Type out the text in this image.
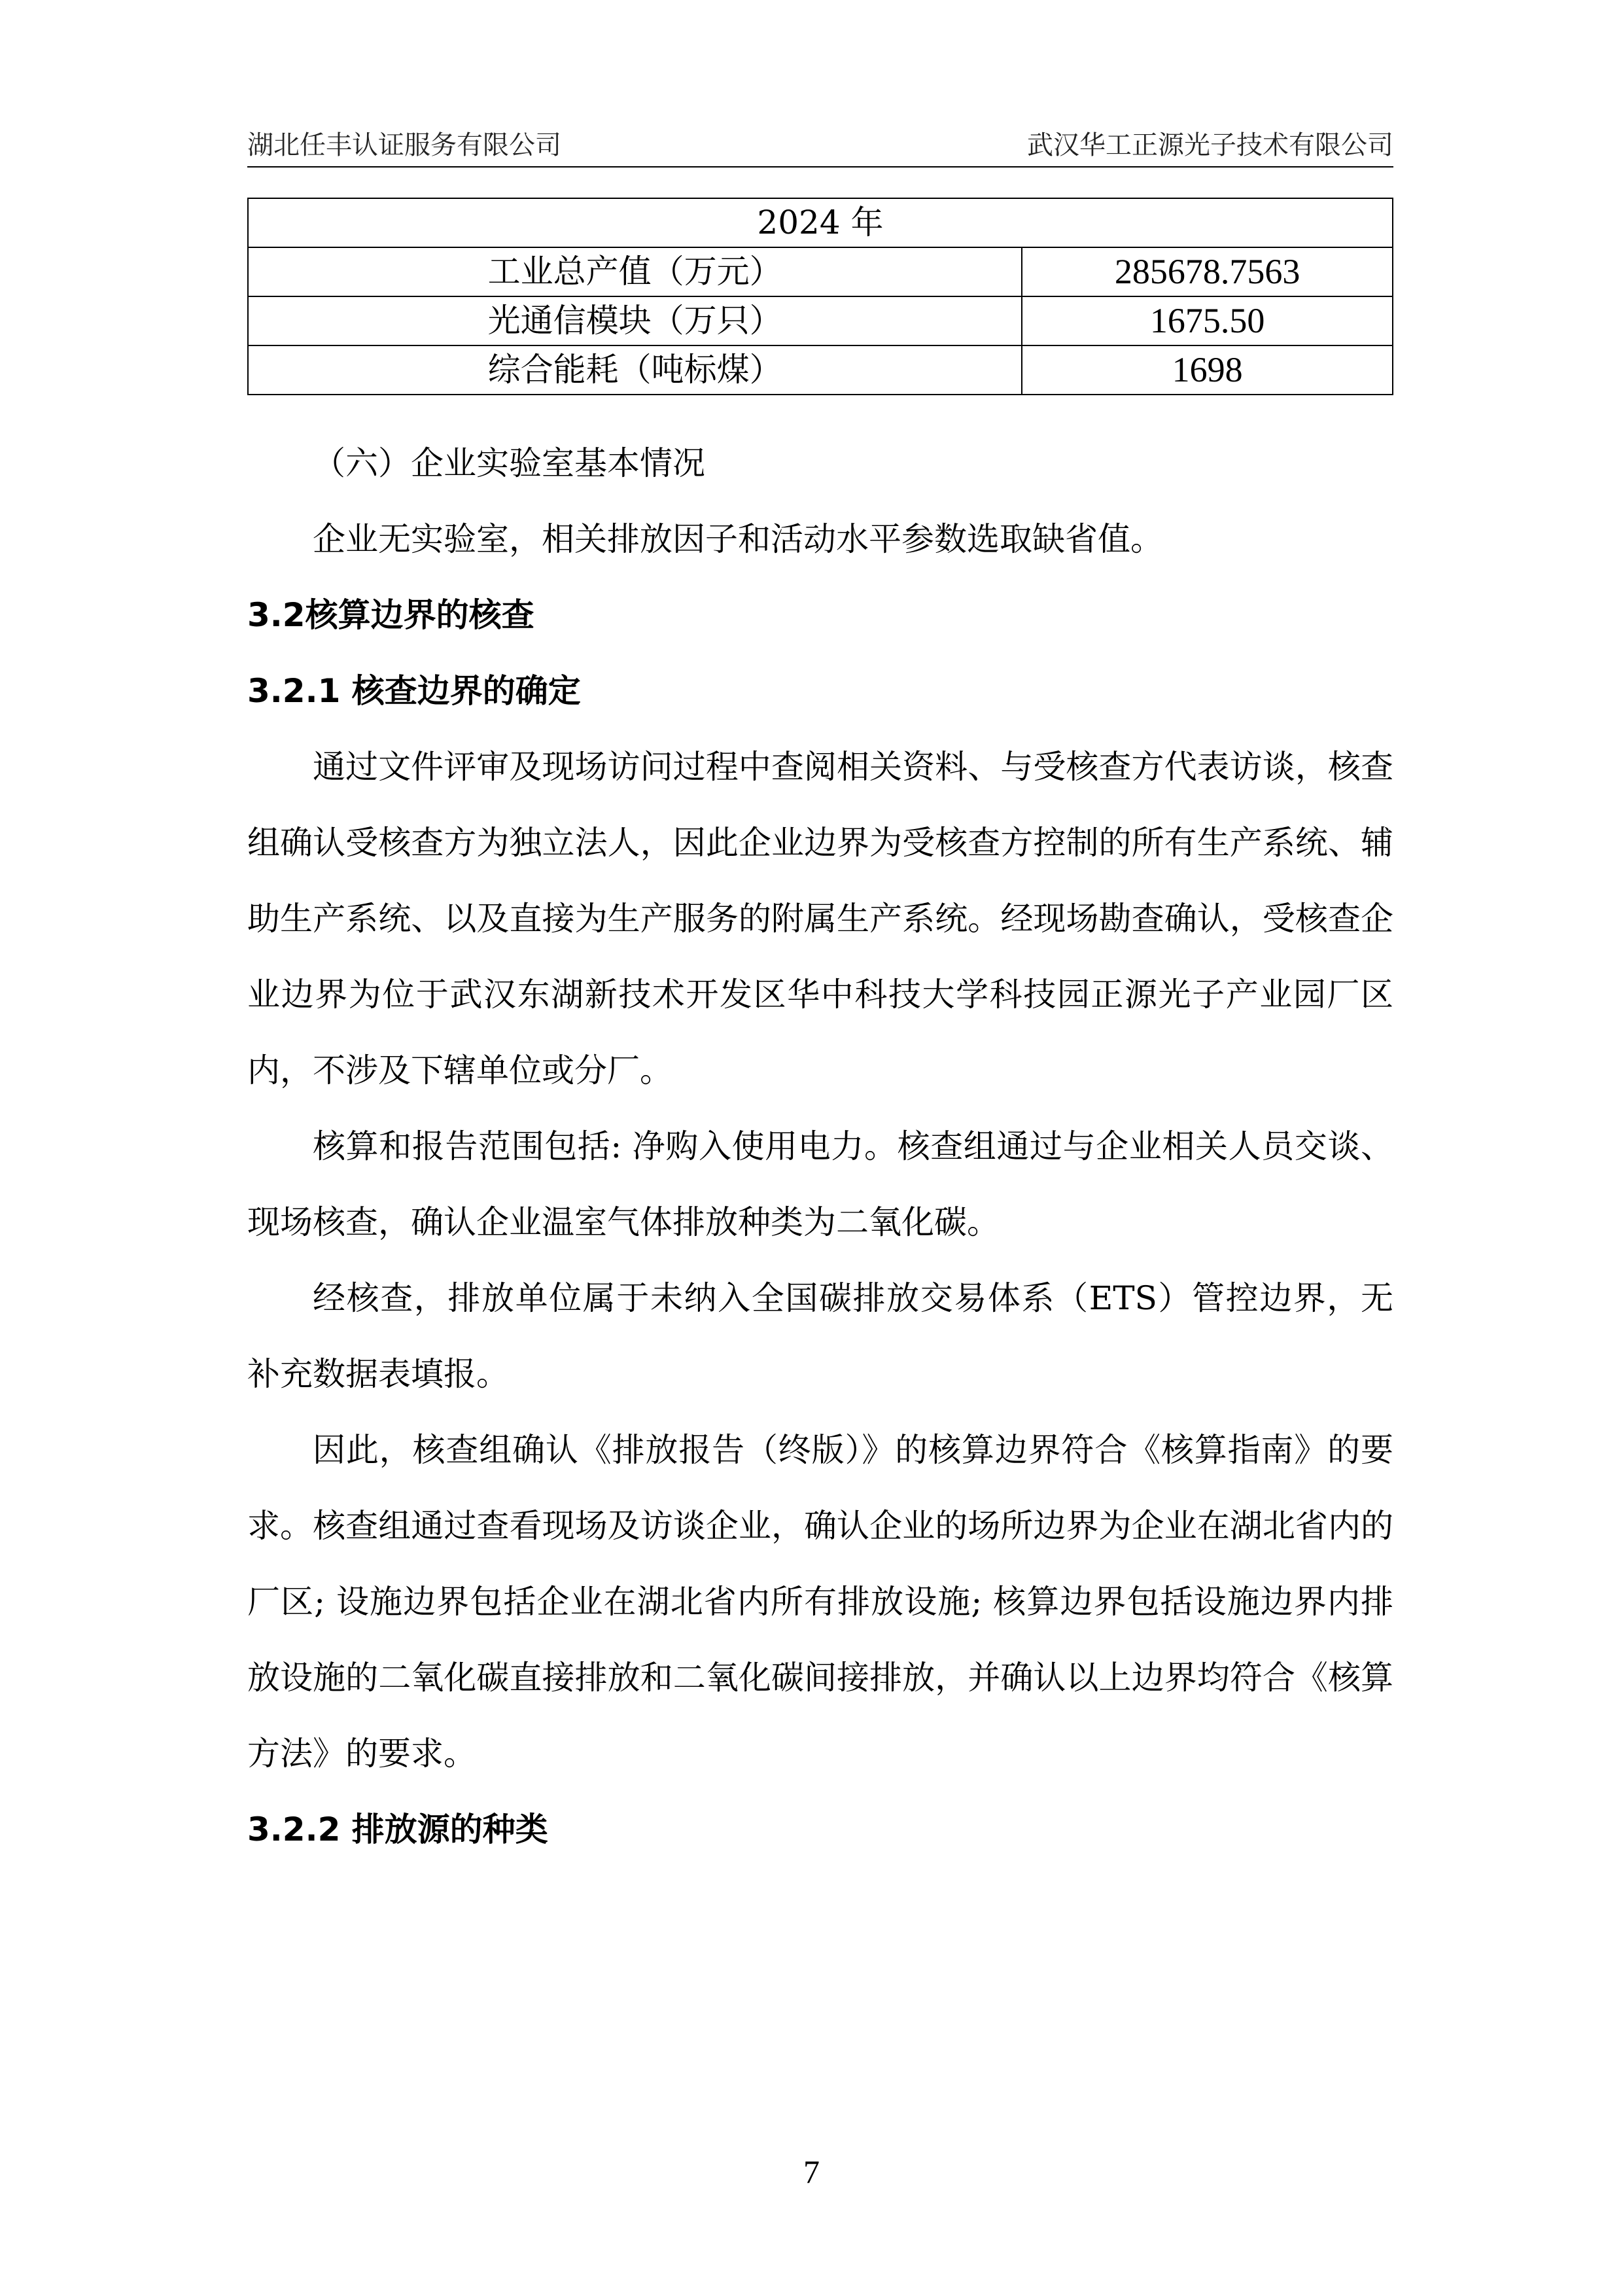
湖北任丰认证服务有限公司	武汉华工正源光子技术有限公司
2024 年	
工业总产值（万元）	285678.7563
光通信模块（万只）	1675.50
综合能耗（吨标煤）	1698

（六）企业实验室基本情况

企业无实验室，相关排放因子和活动水平参数选取缺省值。

3.2核算边界的核查

3.2.1 核查边界的确定

通过文件评审及现场访问过程中查阅相关资料、与受核查方代表访谈，核查组确认受核查方为独立法人，因此企业边界为受核查方控制的所有生产系统、辅助生产系统、以及直接为生产服务的附属生产系统。经现场勘查确认，受核查企业边界为位于武汉东湖新技术开发区华中科技大学科技园正源光子产业园厂区内，不涉及下辖单位或分厂。

核算和报告范围包括: 净购入使用电力。核查组通过与企业相关人员交谈、现场核查，确认企业温室气体排放种类为二氧化碳。

经核查，排放单位属于未纳入全国碳排放交易体系（ETS）管控边界，无补充数据表填报。

因此，核查组确认《排放报告（终版）》的核算边界符合《核算指南》的要求。核查组通过查看现场及访谈企业，确认企业的场所边界为企业在湖北省内的厂区; 设施边界包括企业在湖北省内所有排放设施; 核算边界包括设施边界内排放设施的二氧化碳直接排放和二氧化碳间接排放，并确认以上边界均符合《核算方法》的要求。

3.2.2 排放源的种类

7
